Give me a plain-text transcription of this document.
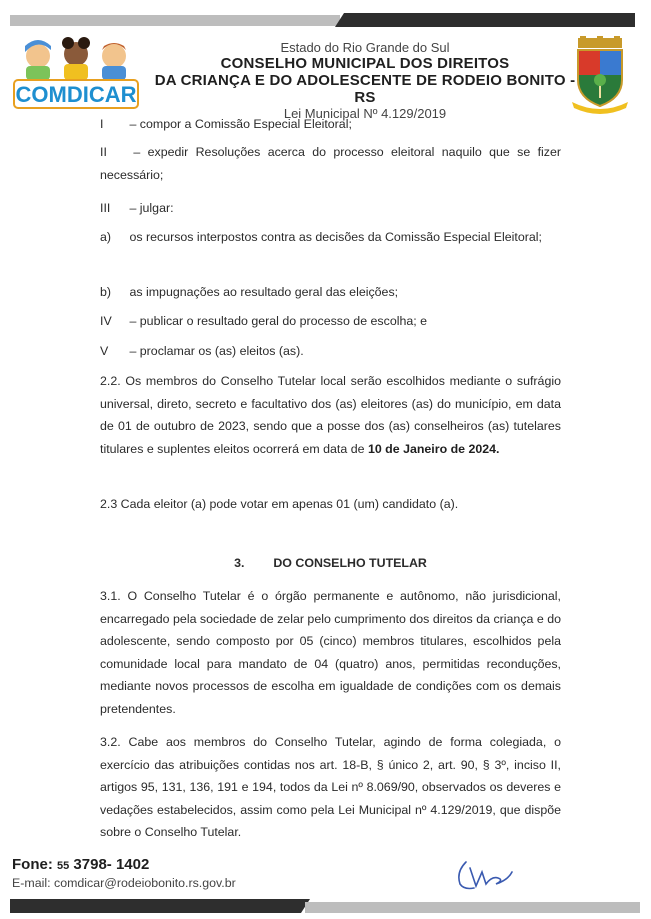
COMDICAR
Estado do Rio Grande do Sul
CONSELHO MUNICIPAL DOS DIREITOS
DA CRIANÇA E DO ADOLESCENTE DE RODEIO BONITO - RS
Lei Municipal Nº 4.129/2019
I – compor a Comissão Especial Eleitoral;
II – expedir Resoluções acerca do processo eleitoral naquilo que se fizer necessário;
III – julgar:
a) os recursos interpostos contra as decisões da Comissão Especial Eleitoral;
b) as impugnações ao resultado geral das eleições;
IV – publicar o resultado geral do processo de escolha; e
V – proclamar os (as) eleitos (as).
2.2. Os membros do Conselho Tutelar local serão escolhidos mediante o sufrágio universal, direto, secreto e facultativo dos (as) eleitores (as) do município, em data de 01 de outubro de 2023, sendo que a posse dos (as) conselheiros (as) tutelares titulares e suplentes eleitos ocorrerá em data de 10 de Janeiro de 2024.
2.3 Cada eleitor (a) pode votar em apenas 01 (um) candidato (a).
3. DO CONSELHO TUTELAR
3.1. O Conselho Tutelar é o órgão permanente e autônomo, não jurisdicional, encarregado pela sociedade de zelar pelo cumprimento dos direitos da criança e do adolescente, sendo composto por 05 (cinco) membros titulares, escolhidos pela comunidade local para mandato de 04 (quatro) anos, permitidas reconduções, mediante novos processos de escolha em igualdade de condições com os demais pretendentes.
3.2. Cabe aos membros do Conselho Tutelar, agindo de forma colegiada, o exercício das atribuições contidas nos art. 18-B, § único 2, art. 90, § 3º, inciso II, artigos 95, 131, 136, 191 e 194, todos da Lei nº 8.069/90, observados os deveres e vedações estabelecidos, assim como pela Lei Municipal nº 4.129/2019, que dispõe sobre o Conselho Tutelar.
Fone: 55 3798- 1402
E-mail: comdicar@rodeiobonito.rs.gov.br
